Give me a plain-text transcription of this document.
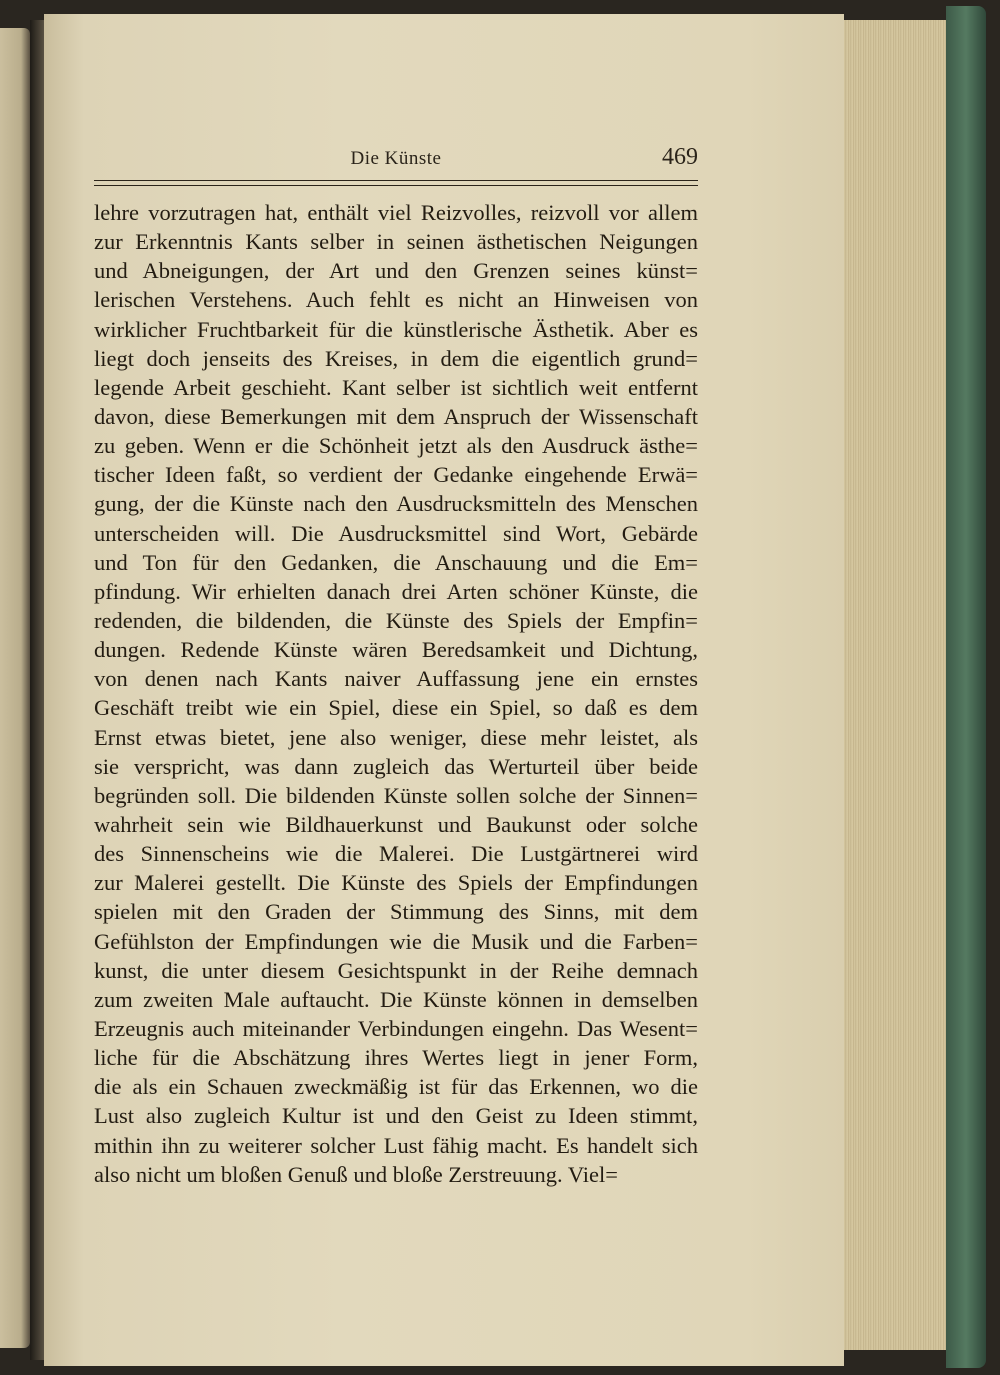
Die Künste	469
lehre vorzutragen hat, enthält viel Reizvolles, reizvoll vor allem
zur Erkenntnis Kants selber in seinen ästhetischen Neigungen
und Abneigungen, der Art und den Grenzen seines künst=
lerischen Verstehens. Auch fehlt es nicht an Hinweisen von
wirklicher Fruchtbarkeit für die künstlerische Ästhetik. Aber es
liegt doch jenseits des Kreises, in dem die eigentlich grund=
legende Arbeit geschieht. Kant selber ist sichtlich weit entfernt
davon, diese Bemerkungen mit dem Anspruch der Wissenschaft
zu geben. Wenn er die Schönheit jetzt als den Ausdruck ästhe=
tischer Ideen faßt, so verdient der Gedanke eingehende Erwä=
gung, der die Künste nach den Ausdrucksmitteln des Menschen
unterscheiden will. Die Ausdrucksmittel sind Wort, Gebärde
und Ton für den Gedanken, die Anschauung und die Em=
pfindung. Wir erhielten danach drei Arten schöner Künste, die
redenden, die bildenden, die Künste des Spiels der Empfin=
dungen. Redende Künste wären Beredsamkeit und Dichtung,
von denen nach Kants naiver Auffassung jene ein ernstes
Geschäft treibt wie ein Spiel, diese ein Spiel, so daß es dem
Ernst etwas bietet, jene also weniger, diese mehr leistet, als
sie verspricht, was dann zugleich das Werturteil über beide
begründen soll. Die bildenden Künste sollen solche der Sinnen=
wahrheit sein wie Bildhauerkunst und Baukunst oder solche
des Sinnenscheins wie die Malerei. Die Lustgärtnerei wird
zur Malerei gestellt. Die Künste des Spiels der Empfindungen
spielen mit den Graden der Stimmung des Sinns, mit dem
Gefühlston der Empfindungen wie die Musik und die Farben=
kunst, die unter diesem Gesichtspunkt in der Reihe demnach
zum zweiten Male auftaucht. Die Künste können in demselben
Erzeugnis auch miteinander Verbindungen eingehn. Das Wesent=
liche für die Abschätzung ihres Wertes liegt in jener Form,
die als ein Schauen zweckmäßig ist für das Erkennen, wo die
Lust also zugleich Kultur ist und den Geist zu Ideen stimmt,
mithin ihn zu weiterer solcher Lust fähig macht. Es handelt sich
also nicht um bloßen Genuß und bloße Zerstreuung. Viel=
